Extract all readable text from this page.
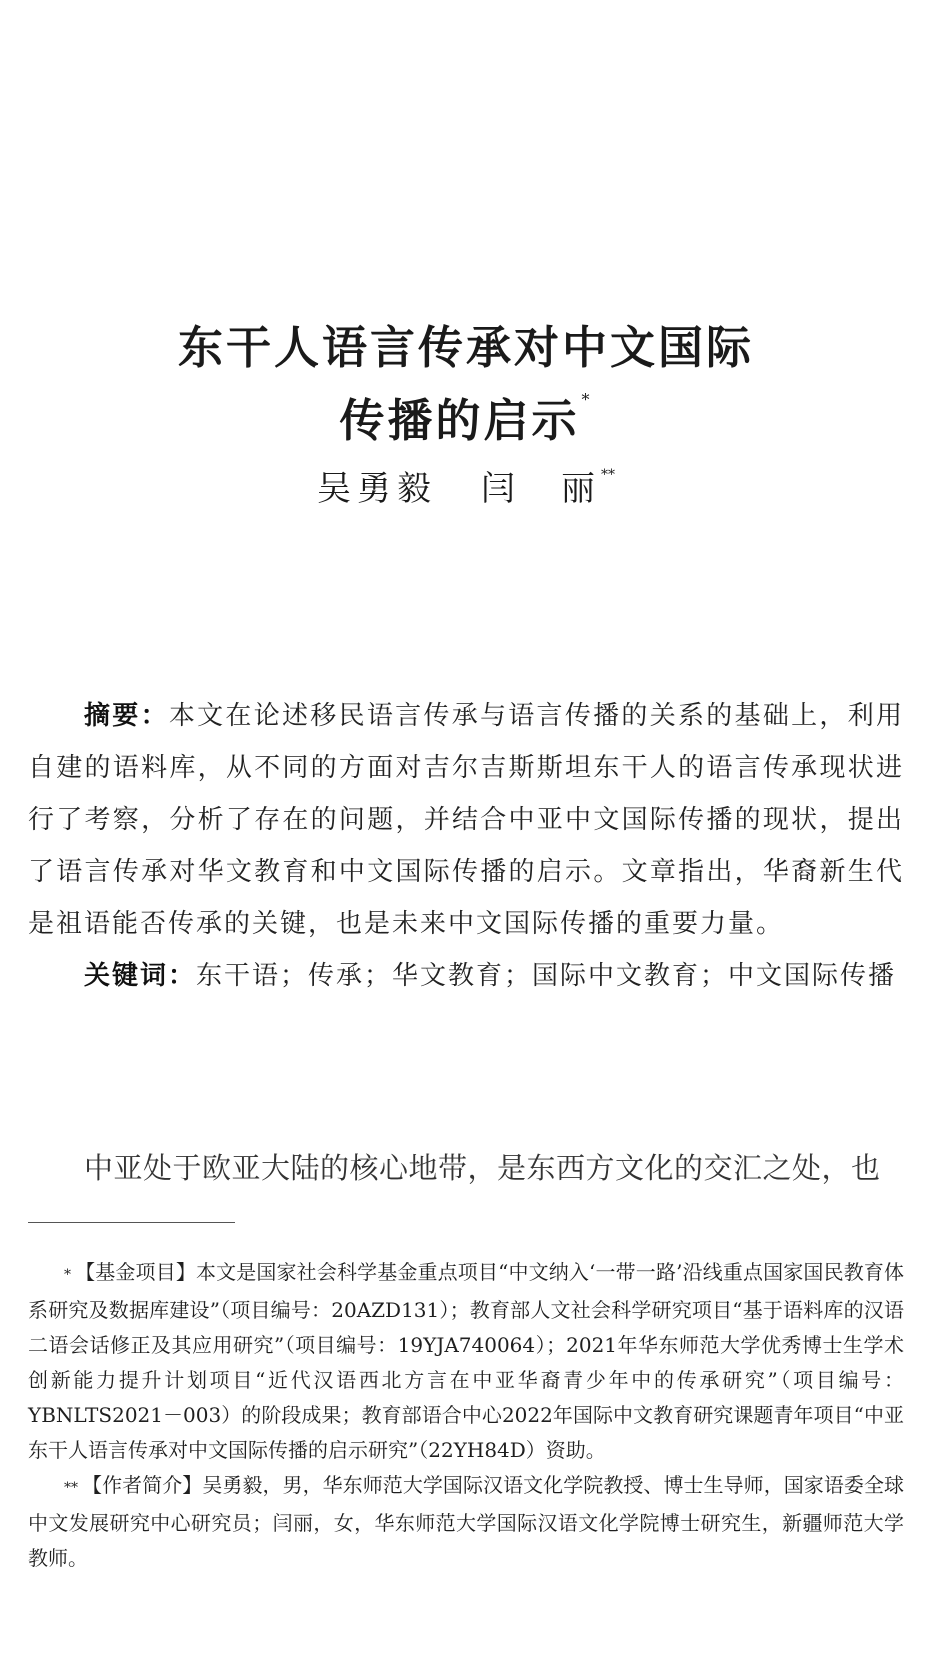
东干人语言传承对中文国际
传播的启示 *
吴勇毅 闫　丽**

摘要：本文在论述移民语言传承与语言传播的关系的基础上，利用自建的语料库，从不同的方面对吉尔吉斯斯坦东干人的语言传承现状进行了考察，分析了存在的问题，并结合中亚中文国际传播的现状，提出了语言传承对华文教育和中文国际传播的启示。文章指出，华裔新生代是祖语能否传承的关键，也是未来中文国际传播的重要力量。

关键词：东干语；传承；华文教育；国际中文教育；中文国际传播

中亚处于欧亚大陆的核心地带，是东西方文化的交汇之处，也

* 【基金项目】本文是国家社会科学基金重点项目“中文纳入‘一带一路’沿线重点国家国民教育体系研究及数据库建设”（项目编号：20AZD131）；教育部人文社会科学研究项目“基于语料库的汉语二语会话修正及其应用研究”（项目编号：19YJA740064）；2021年华东师范大学优秀博士生学术创新能力提升计划项目“近代汉语西北方言在中亚华裔青少年中的传承研究”（项目编号：YBNLTS2021－003）的阶段成果；教育部语合中心2022年国际中文教育研究课题青年项目“中亚东干人语言传承对中文国际传播的启示研究”（22YH84D）资助。

** 【作者简介】吴勇毅，男，华东师范大学国际汉语文化学院教授、博士生导师，国家语委全球中文发展研究中心研究员；闫丽，女，华东师范大学国际汉语文化学院博士研究生，新疆师范大学教师。
